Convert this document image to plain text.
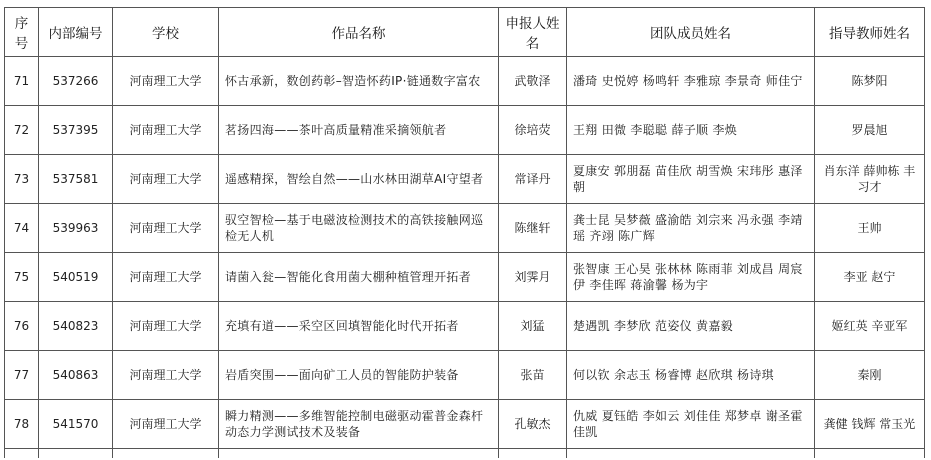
序号	内部编号	学校	作品名称	申报人姓名	团队成员姓名	指导教师姓名
71	537266	河南理工大学	怀古承新，数创药彰–智造怀药IP·链通数字富农	武敬泽	潘琦 史悦婷 杨鸣轩 李雅琼 李景奇 师佳宁	陈梦阳
72	537395	河南理工大学	茗扬四海——茶叶高质量精准采摘领航者	徐培荧	王翔 田微 李聪聪 薛子顺 李焕	罗晨旭
73	537581	河南理工大学	遥感精探，智绘自然——山水林田湖草AI守望者	常译丹	夏康安 郭朋磊 苗佳欣 胡雪焕 宋玮彤 惠泽朝	肖东洋 薛帅栋 丰习才
74	539963	河南理工大学	驭空智检—基于电磁波检测技术的高铁接触网巡检无人机	陈继轩	龚士昆 吴梦薇 盛渝皓 刘宗来 冯永强 李靖瑶 齐翊 陈广辉	王帅
75	540519	河南理工大学	请菌入瓮—智能化食用菌大棚种植管理开拓者	刘霁月	张智康 王心昊 张林林 陈雨菲 刘成昌 周宸伊 李佳晖 蒋渝馨 杨为宇	李亚 赵宁
76	540823	河南理工大学	充填有道——采空区回填智能化时代开拓者	刘猛	楚遇凯 李梦欣 范姿仪 黄嘉毅	姬红英 辛亚军
77	540863	河南理工大学	岩盾突围——面向矿工人员的智能防护装备	张苗	何以钦 余志玉 杨睿博 赵欣琪 杨诗琪	秦刚
78	541570	河南理工大学	瞬力精测——多维智能控制电磁驱动霍普金森杆动态力学测试技术及装备	孔敏杰	仇威 夏钰皓 李如云 刘佳佳 郑梦卓 谢圣霍佳凯	龚健 钱辉 常玉光
